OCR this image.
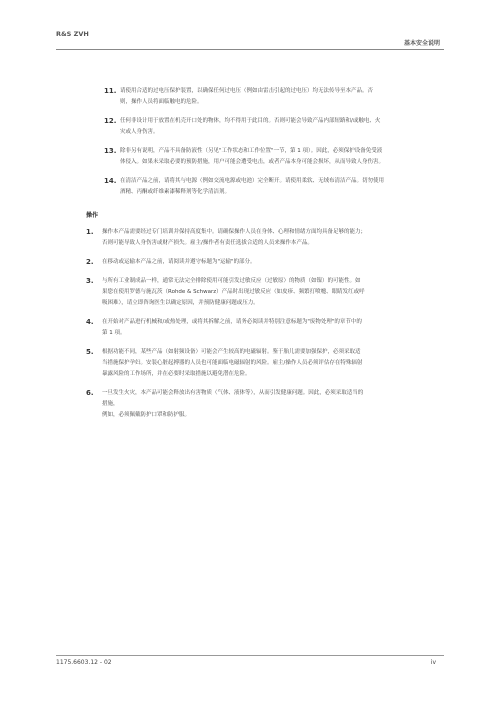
R&S ZVH
基本安全说明
11. 请使用合适的过电压保护装置，以确保任何过电压（例如由雷击引起的过电压）均无法传导至本产品。否
则，操作人员将面临触电的危险。
12. 任何非设计用于放置在机壳开口处的物体，均不得用于此目的。否则可能会导致产品内部短路和/或触电、火
灾或人身伤害。
13. 除非另有说明，产品不具备防液性（另见"工作状态和工作位置"一节，第 1 项）。因此，必须保护设备免受液
体侵入。如果未采取必要的预防措施，用户可能会遭受电击，或者产品本身可能会损坏，从而导致人身伤害。
14. 在清洁产品之前，请将其与电源（例如交流电源或电池）完全断开。请使用柔软、无绒布清洁产品。切勿使用
酒精、丙酮或纤维素漆稀释剂等化学清洁剂。
操作
1.	操作本产品需要经过专门培训并保持高度集中。请确保操作人员在身体、心理和情绪方面均具备足够的能力；
否则可能导致人身伤害或财产损失。雇主/操作者有责任选拔合适的人员来操作本产品。
2.	在移动或运输本产品之前，请阅读并遵守标题为"运输"的部分。
3.	与所有工业制成品一样，通常无法完全排除使用可能引发过敏反应（过敏原）的物质（如镍）的可能性。如
果您在使用罗德与施瓦茨（Rohde & Schwarz）产品时出现过敏反应（如皮疹、频繁打喷嚏、眼睛发红或呼
吸困难），请立即咨询医生以确定原因，并预防健康问题或压力。
4.	在开始对产品进行机械和/或热处理，或将其拆解之前，请务必阅读并特别注意标题为"废物处理"的章节中的
第 1 项。
5.	根据功能不同，某些产品（如射频设备）可能会产生较高的电磁辐射。鉴于胎儿需要加强保护，必须采取适
当措施保护孕妇。安装心脏起搏器的人员也可能面临电磁辐射的风险。雇主/操作人员必须评估存在特殊辐射
暴露风险的工作场所，并在必要时采取措施以避免潜在危险。
6.	一旦发生火灾，本产品可能会释放出有害物质（气体、液体等），从而引发健康问题。因此，必须采取适当的
措施，
例如，必须佩戴防护口罩和防护服。
1175.6603.12 - 02	iv
